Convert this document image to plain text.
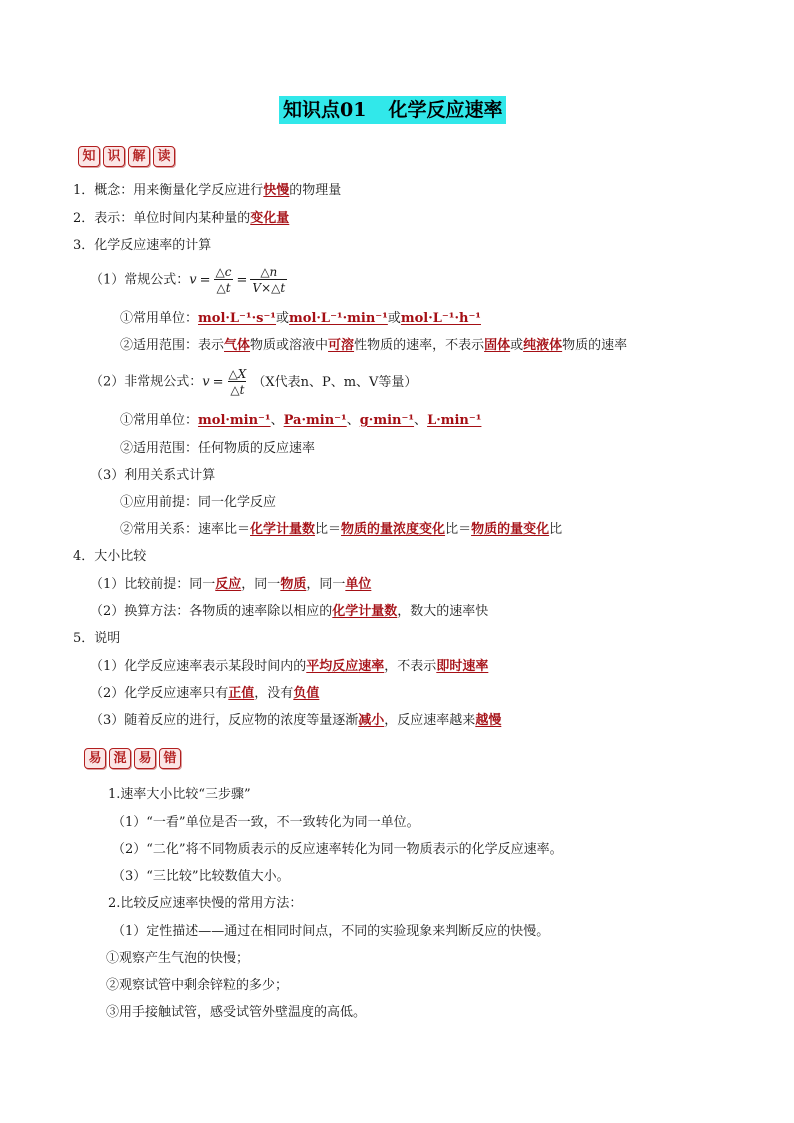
知识点01 化学反应速率
知 识 解 读
1．概念：用来衡量化学反应进行快慢的物理量
2．表示：单位时间内某种量的变化量
3．化学反应速率的计算
（1）常规公式：$v = \frac{\triangle c}{\triangle t} = \frac{\triangle n}{V\times\triangle t}$
①常用单位：mol·L⁻¹·s⁻¹或mol·L⁻¹·min⁻¹或mol·L⁻¹·h⁻¹
②适用范围：表示气体物质或溶液中可溶性物质的速率，不表示固体或纯液体物质的速率
（2）非常规公式：$v = \frac{\triangle X}{\triangle t} (X$代表n、P、m、V等量）
①常用单位：mol·min⁻¹、Pa·min⁻¹、g·min⁻¹、L·min⁻¹
②适用范围：任何物质的反应速率
（3）利用关系式计算
①应用前提：同一化学反应
②常用关系：速率比＝化学计量数比＝物质的量浓度变化比＝物质的量变化比
4．大小比较
（1）比较前提：同一反应，同一物质，同一单位
（2）换算方法：各物质的速率除以相应的化学计量数，数大的速率快
5．说明
（1）化学反应速率表示某段时间内的平均反应速率，不表示即时速率
（2）化学反应速率只有正值，没有负值
（3）随着反应的进行，反应物的浓度等量逐渐减小，反应速率越来越慢
易 混 易 错
1.速率大小比较“三步骤”
（1）“一看”单位是否一致，不一致转化为同一单位。
（2）“二化”将不同物质表示的反应速率转化为同一物质表示的化学反应速率。
（3）“三比较”比较数值大小。
2.比较反应速率快慢的常用方法：
（1）定性描述——通过在相同时间点，不同的实验现象来判断反应的快慢。
①观察产生气泡的快慢；
②观察试管中剩余锌粒的多少；
③用手接触试管，感受试管外壁温度的高低。
